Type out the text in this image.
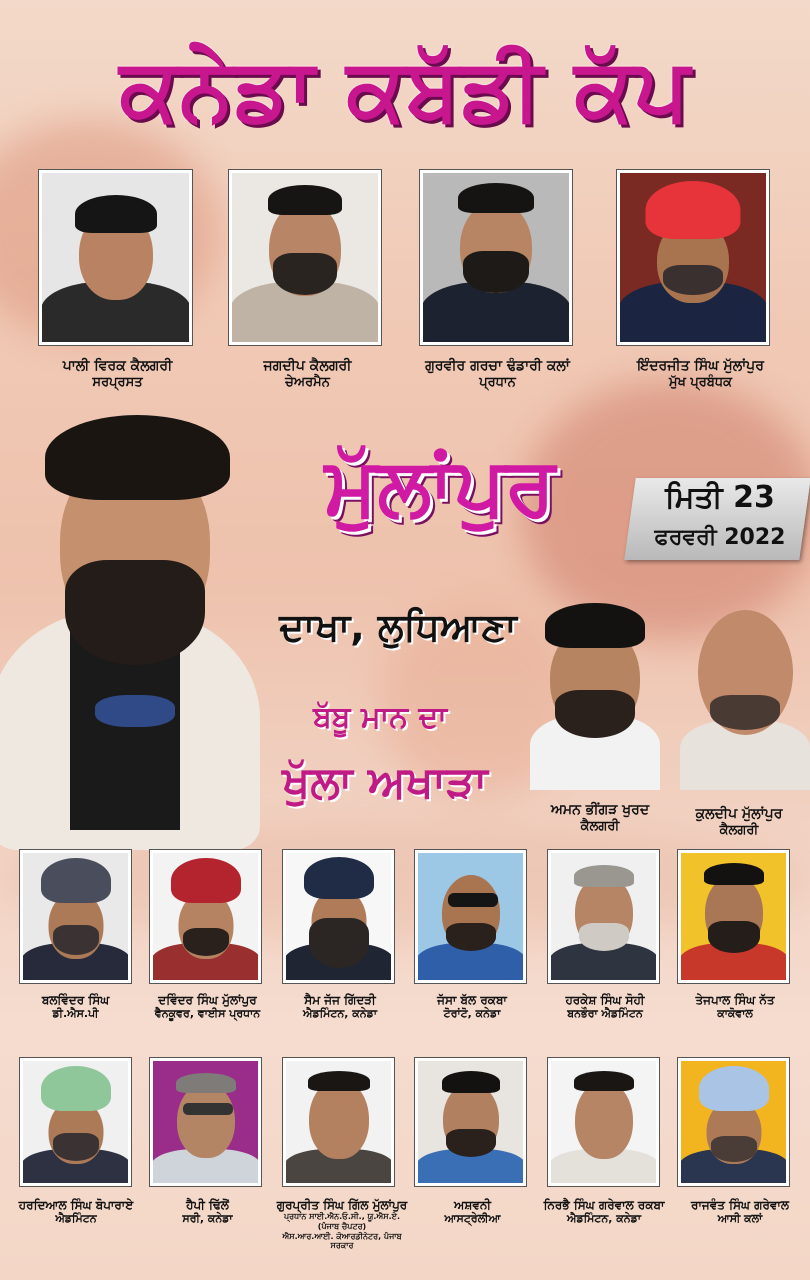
ਕਨੇਡਾ ਕਬੱਡੀ ਕੱਪ
ਪਾਲੀ ਵਿਰਕ ਕੈਲਗਰੀ
ਸਰਪ੍ਰਸਤ
ਜਗਦੀਪ ਕੈਲਗਰੀ
ਚੇਅਰਮੈਨ
ਗੁਰਵੀਰ ਗਰਚਾ ਢੰਡਾਰੀ ਕਲਾਂ
ਪ੍ਰਧਾਨ
ਇੰਦਰਜੀਤ ਸਿੰਘ ਮੁੱਲਾਂਪੁਰ
ਮੁੱਖ ਪ੍ਰਬੰਧਕ
ਮੁੱਲਾਂਪੁਰ	ਮਿਤੀ 23
ਫਰਵਰੀ 2022
ਦਾਖਾ, ਲੁਧਿਆਣਾ
ਬੱਬੂ ਮਾਨ ਦਾ
ਖੁੱਲਾ ਅਖਾੜਾ
ਅਮਨ ਭੀਂਗੜ ਖੁਰਦ
ਕੈਲਗਰੀ
ਕੁਲਦੀਪ ਮੁੱਲਾਂਪੁਰ
ਕੈਲਗਰੀ
ਬਲਵਿੰਦਰ ਸਿੰਘ
ਡੀ.ਐਸ.ਪੀ
ਦਵਿੰਦਰ ਸਿੰਘ ਮੁੱਲਾਂਪੁਰ
ਵੈਨਕੂਵਰ, ਵਾਈਸ ਪ੍ਰਧਾਨ
ਸੈਮ ਜੱਜ ਗਿੱਦੜੀ
ਐਡਮਿੰਟਨ, ਕਨੇਡਾ
ਜੱਸਾ ਬੱਲ ਰਕਬਾ
ਟੋਰਾਂਟੋ, ਕਨੇਡਾ
ਹਰਕੇਸ਼ ਸਿੰਘ ਸੋਹੀ
ਬਨਭੌਰਾ ਐਡਮਿੰਟਨ
ਤੇਜਪਾਲ ਸਿੰਘ ਨੱਤ
ਕਾਕੋਵਾਲ
ਹਰਦਿਆਲ ਸਿੰਘ ਬੋਪਾਰਾਏ
ਐਡਮਿੰਟਨ
ਹੈਪੀ ਢਿੱਲੋਂ
ਸਰੀ, ਕਨੇਡਾ
ਗੁਰਪ੍ਰੀਤ ਸਿੰਘ ਗਿੱਲ ਮੁੱਲਾਂਪੁਰ
ਪ੍ਰਧਾਨ ਸਾਈ.ਐਨ.ਓ.ਸੀ., ਯੂ.ਐਸ.ਏ. (ਪੰਜਾਬ ਚੈਪਟਰ)
ਐਸ.ਆਰ.ਆਈ. ਕੋਆਰਡੀਨੇਟਰ, ਪੰਜਾਬ ਸਰਕਾਰ
ਅਸ਼ਵਨੀ
ਆਸਟ੍ਰੇਲੀਆ
ਨਿਰਭੈ ਸਿੰਘ ਗਰੇਵਾਲ ਰਕਬਾ
ਐਡਮਿੰਟਨ, ਕਨੇਡਾ
ਰਾਜਵੰਤ ਸਿੰਘ ਗਰੇਵਾਲ
ਆਸੀ ਕਲਾਂ
